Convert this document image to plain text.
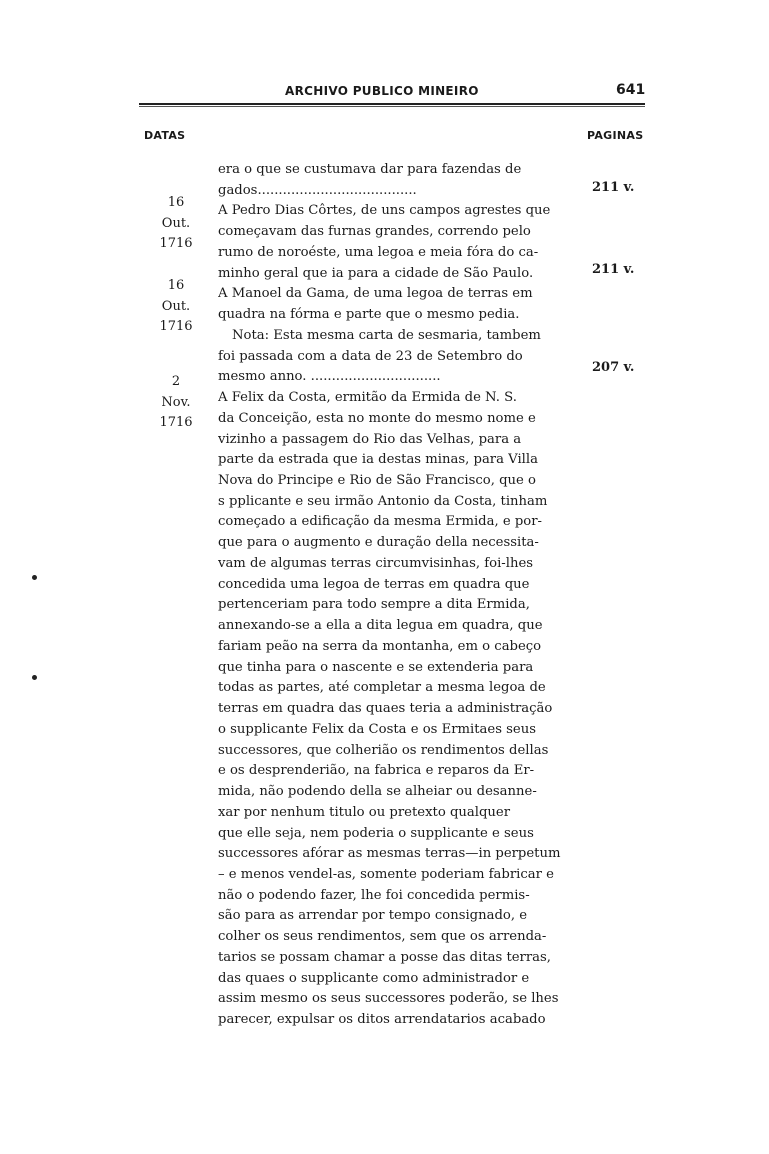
ARCHIVO PUBLICO MINEIRO	641
DATAS	PAGINAS
16
Out.
1716
16
Out.
1716
2
Nov.
1716
211 v.
211 v.
207 v.
era o que se custumava dar para fazendas de
gados......................................
A Pedro Dias Côrtes, de uns campos agrestes que
começavam das furnas grandes, correndo pelo
rumo de noroéste, uma legoa e meia fóra do ca-
minho geral que ia para a cidade de São Paulo.
A Manoel da Gama, de uma legoa de terras em
quadra na fórma e parte que o mesmo pedia.
Nota: Esta mesma carta de sesmaria, tambem
foi passada com a data de 23 de Setembro do
mesmo anno. ...............................
A Felix da Costa, ermitão da Ermida de N. S.
da Conceição, esta no monte do mesmo nome e
vizinho a passagem do Rio das Velhas, para a
parte da estrada que ia destas minas, para Villa
Nova do Principe e Rio de São Francisco, que o
s pplicante e seu irmão Antonio da Costa, tinham
começado a edificação da mesma Ermida, e por-
que para o augmento e duração della necessita-
vam de algumas terras circumvisinhas, foi-lhes
concedida uma legoa de terras em quadra que
pertenceriam para todo sempre a dita Ermida,
annexando-se a ella a dita legua em quadra, que
fariam peão na serra da montanha, em o cabeço
que tinha para o nascente e se extenderia para
todas as partes, até completar a mesma legoa de
terras em quadra das quaes teria a administração
o supplicante Felix da Costa e os Ermitaes seus
successores, que colherião os rendimentos dellas
e os desprenderião, na fabrica e reparos da Er-
mida, não podendo della se alheiar ou desanne-
xar por nenhum titulo ou pretexto qualquer
que elle seja, nem poderia o supplicante e seus
successores afórar as mesmas terras—in perpetum
– e menos vendel-as, somente poderiam fabricar e
não o podendo fazer, lhe foi concedida permis-
são para as arrendar por tempo consignado, e
colher os seus rendimentos, sem que os arrenda-
tarios se possam chamar a posse das ditas terras,
das quaes o supplicante como administrador e
assim mesmo os seus successores poderão, se lhes
parecer, expulsar os ditos arrendatarios acabado
